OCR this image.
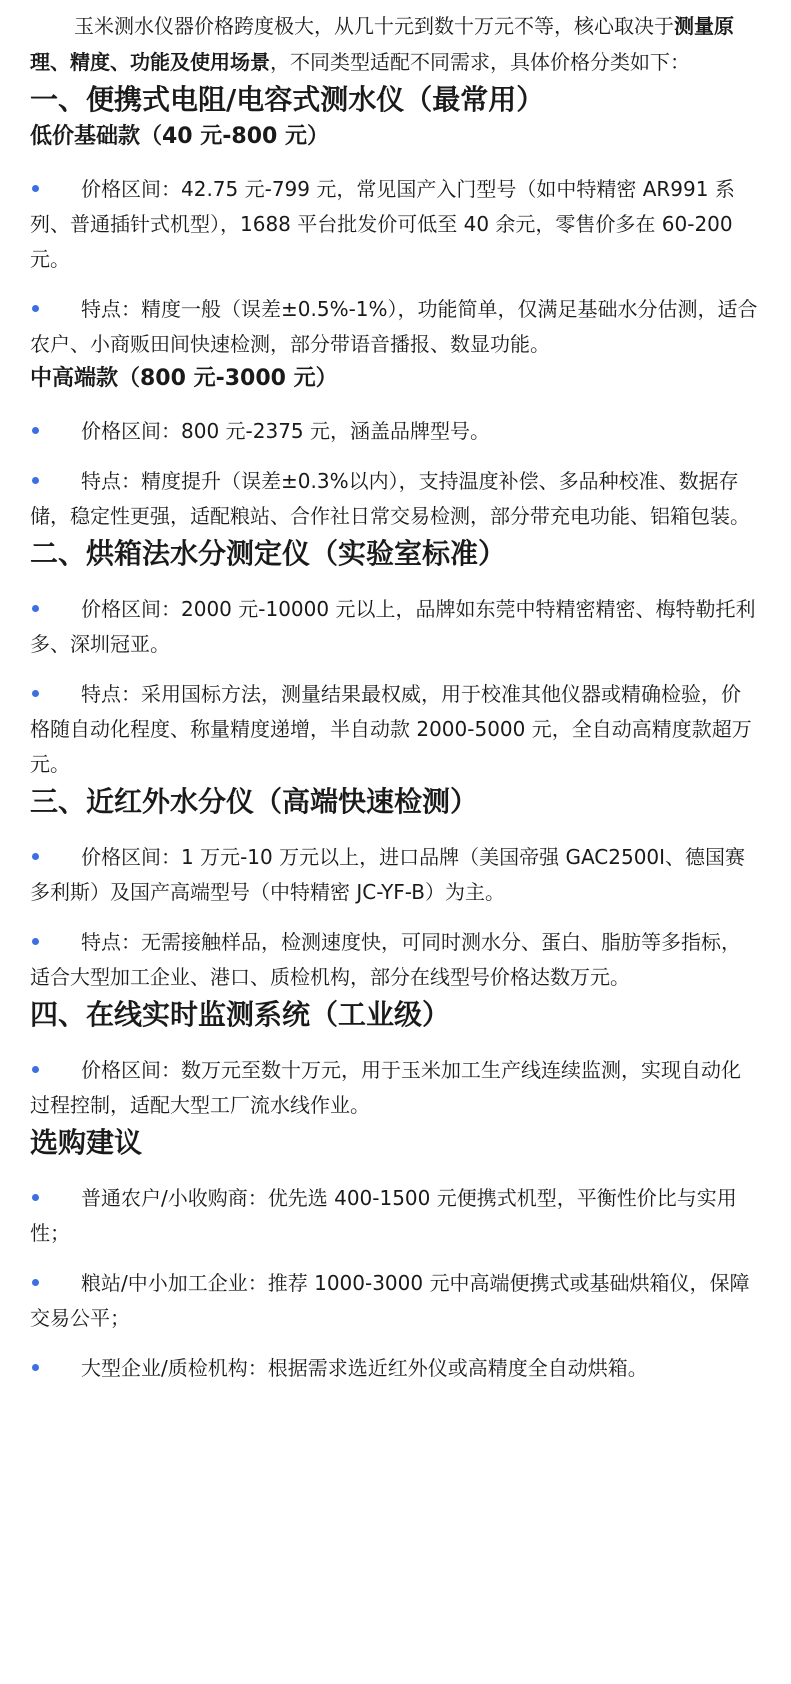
玉米测水仪器价格跨度极大，从几十元到数十万元不等，核心取决于测量原理、精度、功能及使用场景，不同类型适配不同需求，具体价格分类如下：

一、便携式电阻/电容式测水仪（最常用）
低价基础款（40 元-800 元）

价格区间：42.75 元-799 元，常见国产入门型号（如中特精密 AR991 系列、普通插针式机型），1688 平台批发价可低至 40 余元，零售价多在 60-200 元。

特点：精度一般（误差±0.5%-1%），功能简单，仅满足基础水分估测，适合农户、小商贩田间快速检测，部分带语音播报、数显功能。

中高端款（800 元-3000 元）

价格区间：800 元-2375 元，涵盖品牌型号。

特点：精度提升（误差±0.3%以内），支持温度补偿、多品种校准、数据存储，稳定性更强，适配粮站、合作社日常交易检测，部分带充电功能、铝箱包装。

二、烘箱法水分测定仪（实验室标准）

价格区间：2000 元-10000 元以上，品牌如东莞中特精密精密、梅特勒托利多、深圳冠亚。

特点：采用国标方法，测量结果最权威，用于校准其他仪器或精确检验，价格随自动化程度、称量精度递增，半自动款 2000-5000 元，全自动高精度款超万元。

三、近红外水分仪（高端快速检测）

价格区间：1 万元-10 万元以上，进口品牌（美国帝强 GAC2500I、德国赛多利斯）及国产高端型号（中特精密 JC-YF-B）为主。

特点：无需接触样品，检测速度快，可同时测水分、蛋白、脂肪等多指标，适合大型加工企业、港口、质检机构，部分在线型号价格达数万元。

四、在线实时监测系统（工业级）

价格区间：数万元至数十万元，用于玉米加工生产线连续监测，实现自动化过程控制，适配大型工厂流水线作业。

选购建议

普通农户/小收购商：优先选 400-1500 元便携式机型，平衡性价比与实用性；

粮站/中小加工企业：推荐 1000-3000 元中高端便携式或基础烘箱仪，保障交易公平；

大型企业/质检机构：根据需求选近红外仪或高精度全自动烘箱。
